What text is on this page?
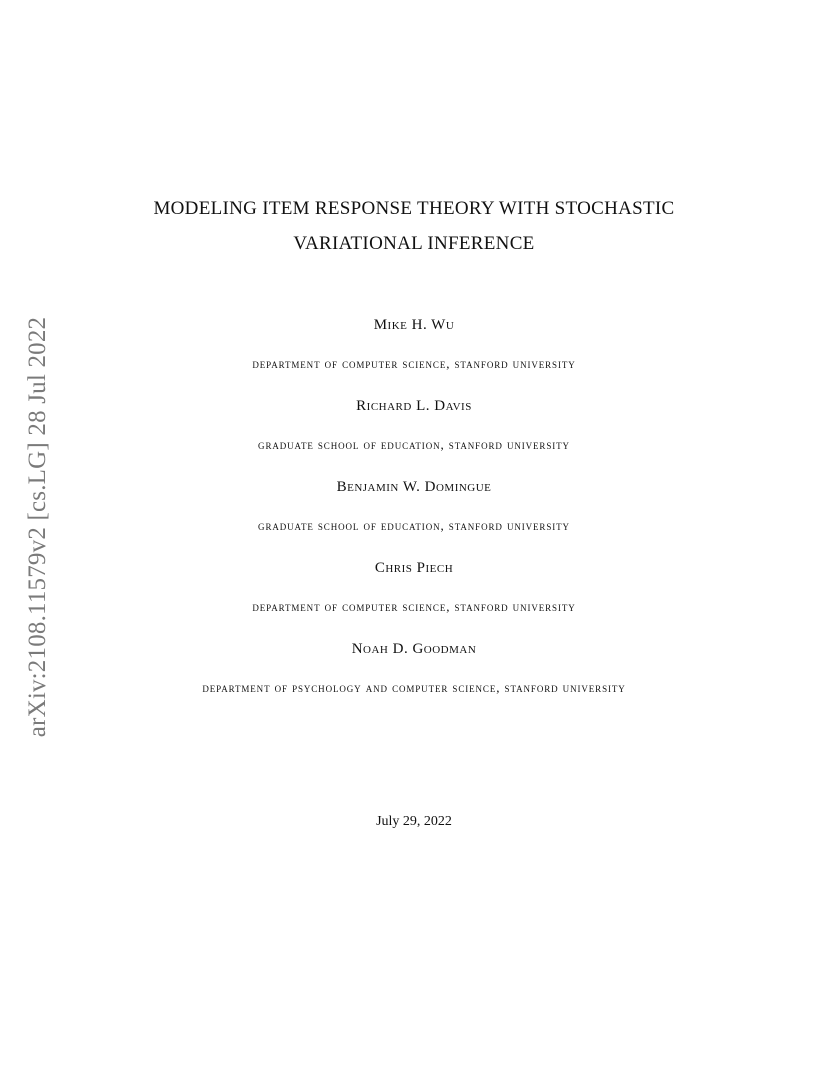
arXiv:2108.11579v2 [cs.LG] 28 Jul 2022
MODELING ITEM RESPONSE THEORY WITH STOCHASTIC
VARIATIONAL INFERENCE
Mike H. Wu
department of computer science, stanford university
Richard L. Davis
graduate school of education, stanford university
Benjamin W. Domingue
graduate school of education, stanford university
Chris Piech
department of computer science, stanford university
Noah D. Goodman
department of psychology and computer science, stanford university
July 29, 2022
